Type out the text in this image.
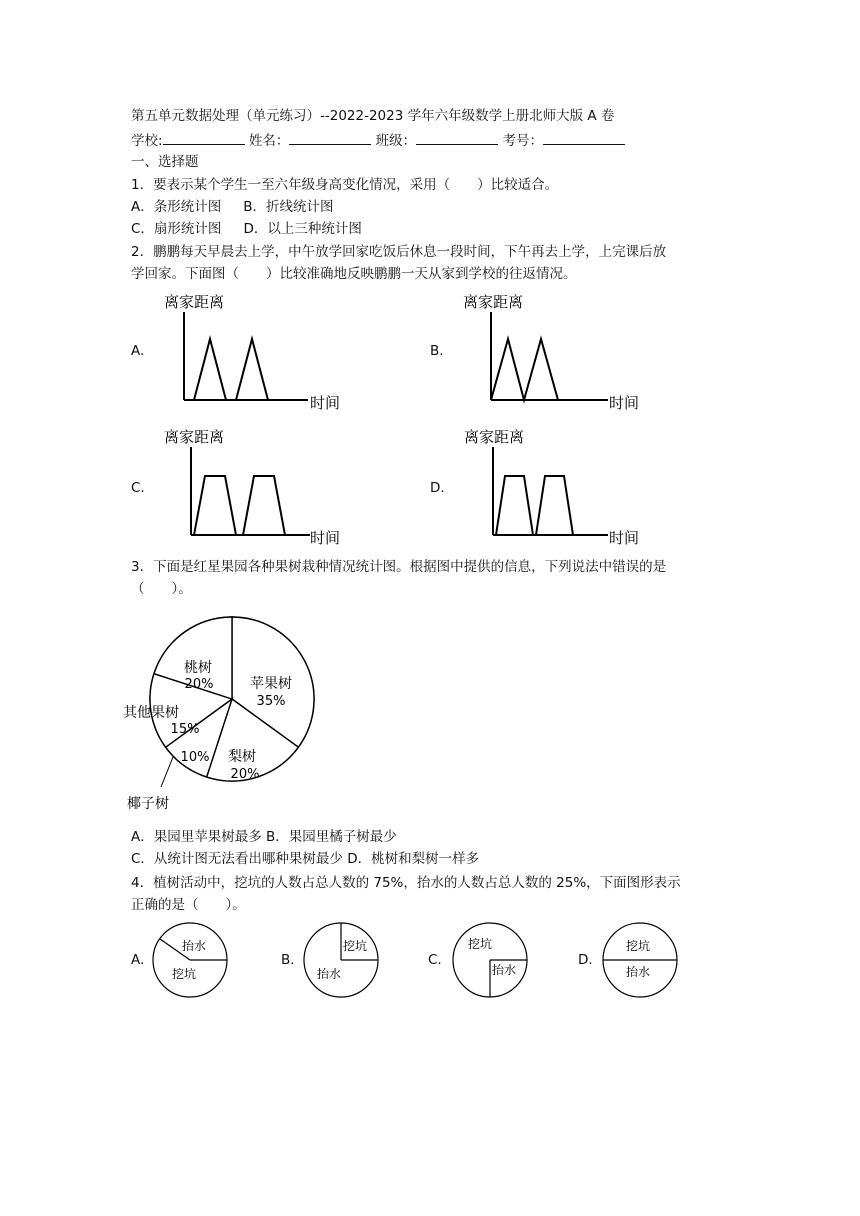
第五单元数据处理（单元练习）--2022-2023 学年六年级数学上册北师大版 A 卷
学校:	姓名：	班级：	考号：
一、选择题
1．要表示某个学生一至六年级身高变化情况，采用（　　）比较适合。
A．条形统计图 B．折线统计图
C．扇形统计图 D．以上三种统计图
2．鹏鹏每天早晨去上学，中午放学回家吃饭后休息一段时间，下午再去上学，上完课后放
学回家。下面图（　　）比较准确地反映鹏鹏一天从家到学校的往返情况。
A.
离家距离
时间
B.
离家距离
时间
C.
离家距离
时间
D.
离家距离
时间
3．下面是红星果园各种果树栽种情况统计图。根据图中提供的信息，下列说法中错误的是
（　　）。
苹果树
35%
梨树
20%
椰子树
10%
其他果树
15%
桃树
20%
A．果园里苹果树最多 B．果园里橘子树最少
C．从统计图无法看出哪种果树最少 D．桃树和梨树一样多
4．植树活动中，挖坑的人数占总人数的 75%，抬水的人数占总人数的 25%，下面图形表示
正确的是（　　）。
A.
抬水
挖坑
B.
挖坑
抬水
C.
挖坑
抬水
D.
挖坑
抬水
